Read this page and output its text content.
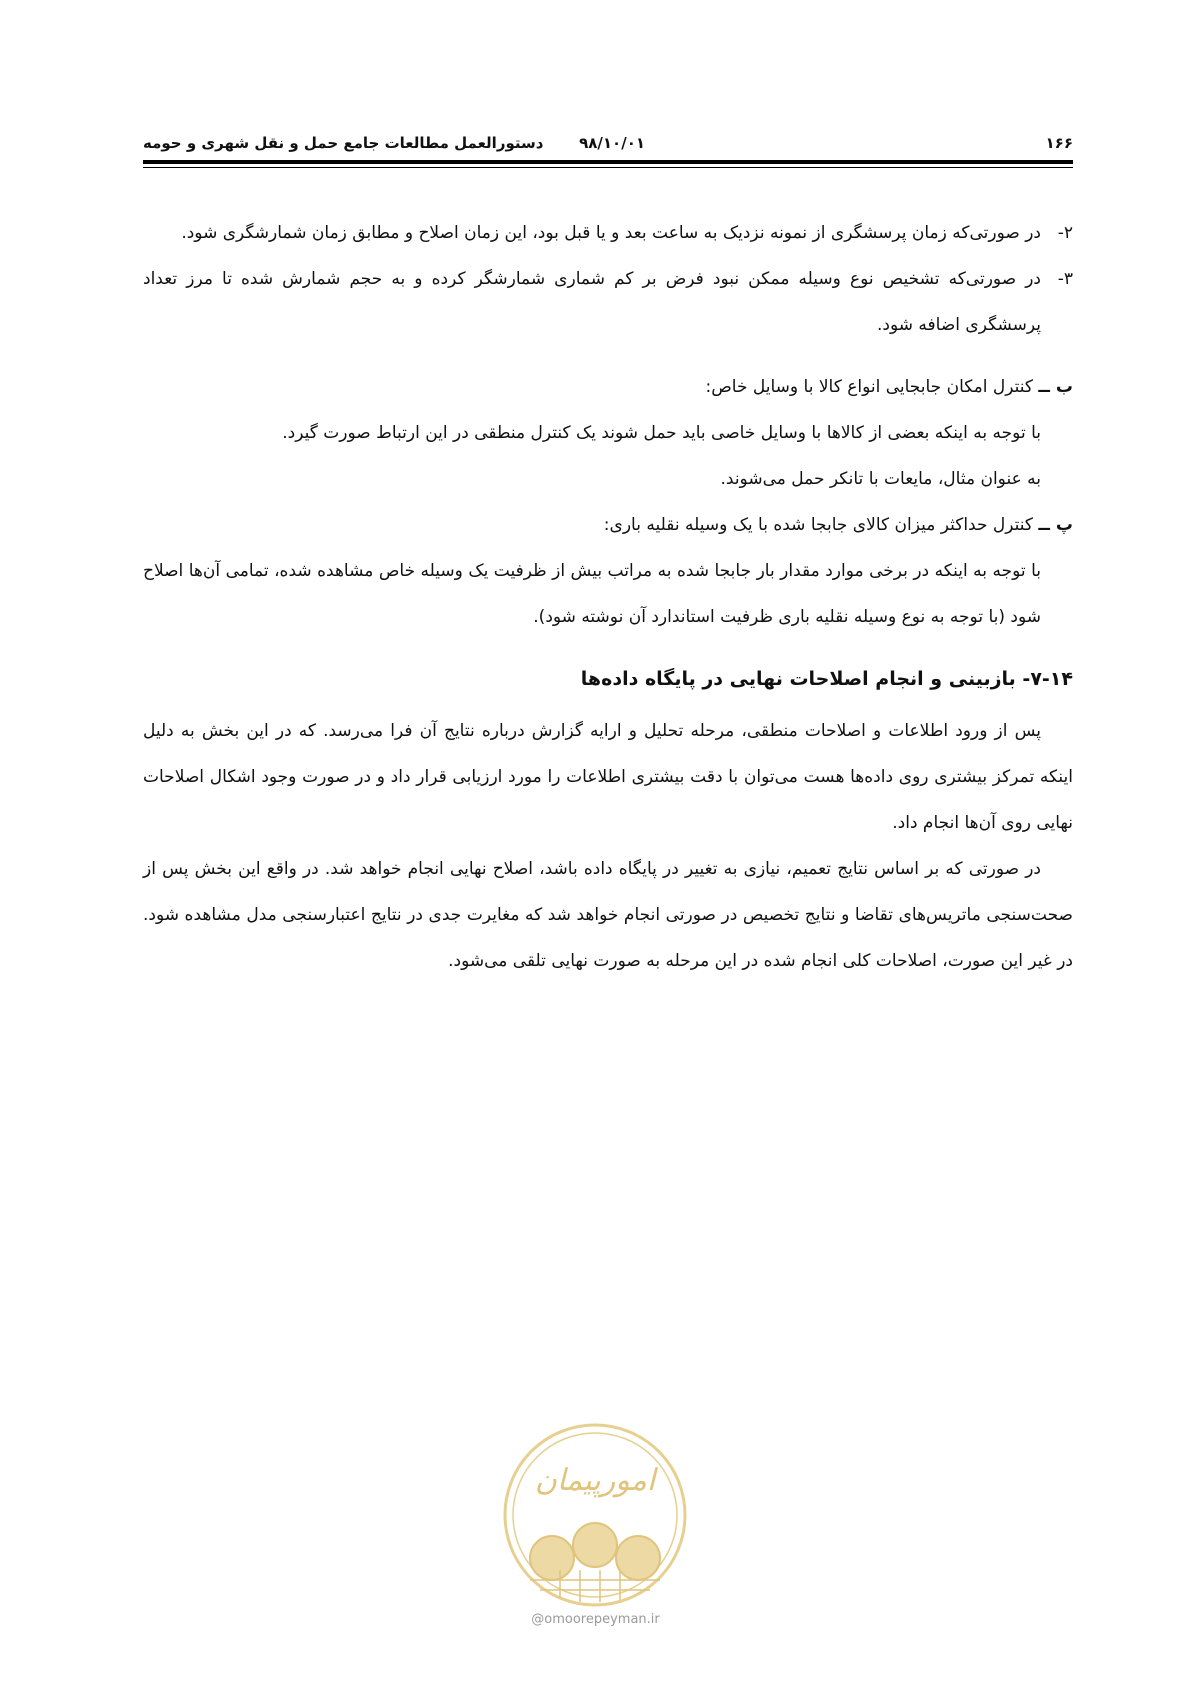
۱۶۶
۹۸/۱۰/۰۱
دستورالعمل مطالعات جامع حمل و نقل شهری و حومه
۲-
در صورتی‌که زمان پرسشگری از نمونه نزدیک به ساعت بعد و یا قبل بود، این زمان اصلاح و مطابق زمان شمارشگری شود.
۳-
در صورتی‌که تشخیص نوع وسیله ممکن نبود فرض بر کم شماری شمارشگر کرده و به حجم شمارش شده تا مرز تعداد پرسشگری اضافه شود.
ب ــ کنترل امکان جابجایی انواع کالا با وسایل خاص:
با توجه به اینکه بعضی از کالاها با وسایل خاصی باید حمل شوند یک کنترل منطقی در این ارتباط صورت گیرد.
به عنوان مثال، مایعات با تانکر حمل می‌شوند.
پ ــ کنترل حداکثر میزان کالای جابجا شده با یک وسیله نقلیه باری:
با توجه به اینکه در برخی موارد مقدار بار جابجا شده به مراتب بیش از ظرفیت یک وسیله خاص مشاهده شده، تمامی آن‌ها اصلاح شود (با توجه به نوع وسیله نقلیه باری ظرفیت استاندارد آن نوشته شود).
۷-۱۴- بازبینی و انجام اصلاحات نهایی در پایگاه داده‌ها
پس از ورود اطلاعات و اصلاحات منطقی، مرحله تحلیل و ارایه گزارش درباره نتایج آن فرا می‌رسد. که در این بخش به دلیل اینکه تمرکز بیشتری روی داده‌ها هست می‌توان با دقت بیشتری اطلاعات را مورد ارزیابی قرار داد و در صورت وجود اشکال اصلاحات نهایی روی آن‌ها انجام داد.
در صورتی که بر اساس نتایج تعمیم، نیازی به تغییر در پایگاه داده باشد، اصلاح نهایی انجام خواهد شد. در واقع این بخش پس از صحت‌سنجی ماتریس‌های تقاضا و نتایج تخصیص در صورتی انجام خواهد شد که مغایرت جدی در نتایج اعتبارسنجی مدل مشاهده شود. در غیر این صورت، اصلاحات کلی انجام شده در این مرحله به صورت نهایی تلقی می‌شود.
امورپیمان
@omoorepeyman.ir
